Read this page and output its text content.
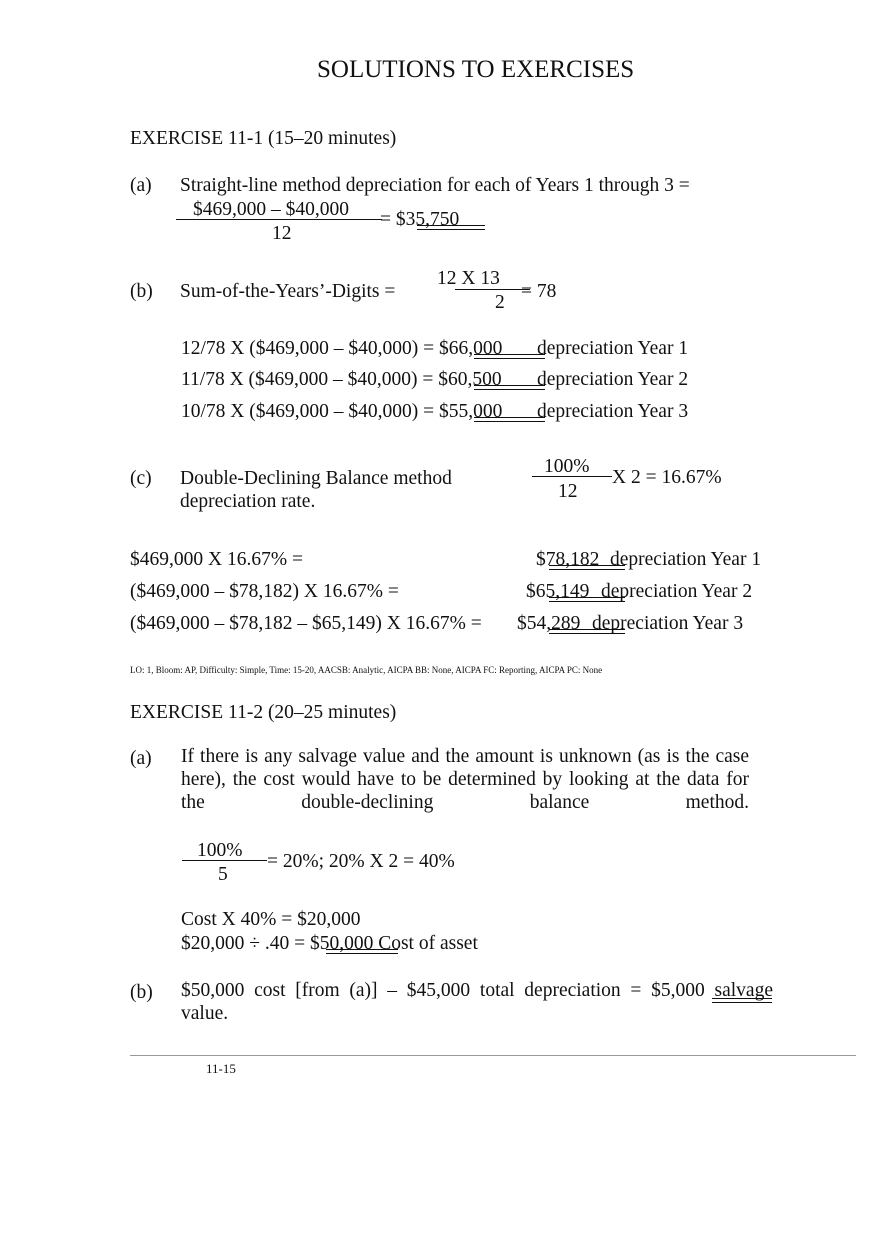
SOLUTIONS TO EXERCISES
EXERCISE 11-1 (15–20 minutes)
(a) Straight-line method depreciation for each of Years 1 through 3 =
$469,000 – $40,000
12
= $35,750
(b) Sum-of-the-Years’-Digits =
12 X 13
2
= 78
12/78 X ($469,000 – $40,000) = $66,000 depreciation Year 1
11/78 X ($469,000 – $40,000) = $60,500 depreciation Year 2
10/78 X ($469,000 – $40,000) = $55,000 depreciation Year 3
(c) Double-Declining Balance method
depreciation rate.
100%
12
X 2 = 16.67%
$469,000 X 16.67% =	$78,182 depreciation Year 1
($469,000 – $78,182) X 16.67% =	$65,149 depreciation Year 2
($469,000 – $78,182 – $65,149) X 16.67% = $54,289 depreciation Year 3
LO: 1, Bloom: AP, Difficulty: Simple, Time: 15-20, AACSB: Analytic, AICPA BB: None, AICPA FC: Reporting, AICPA PC: None
EXERCISE 11-2 (20–25 minutes)
(a) If there is any salvage value and the amount is unknown (as is the case here), the cost would have to be determined by looking at the data for the double-declining balance method.
100%
5
= 20%; 20% X 2 = 40%
Cost X 40% = $20,000
$20,000 ÷ .40 = $50,000 Cost of asset
(b) $50,000 cost [from (a)] – $45,000 total depreciation = $5,000 salvage value.
11-15
